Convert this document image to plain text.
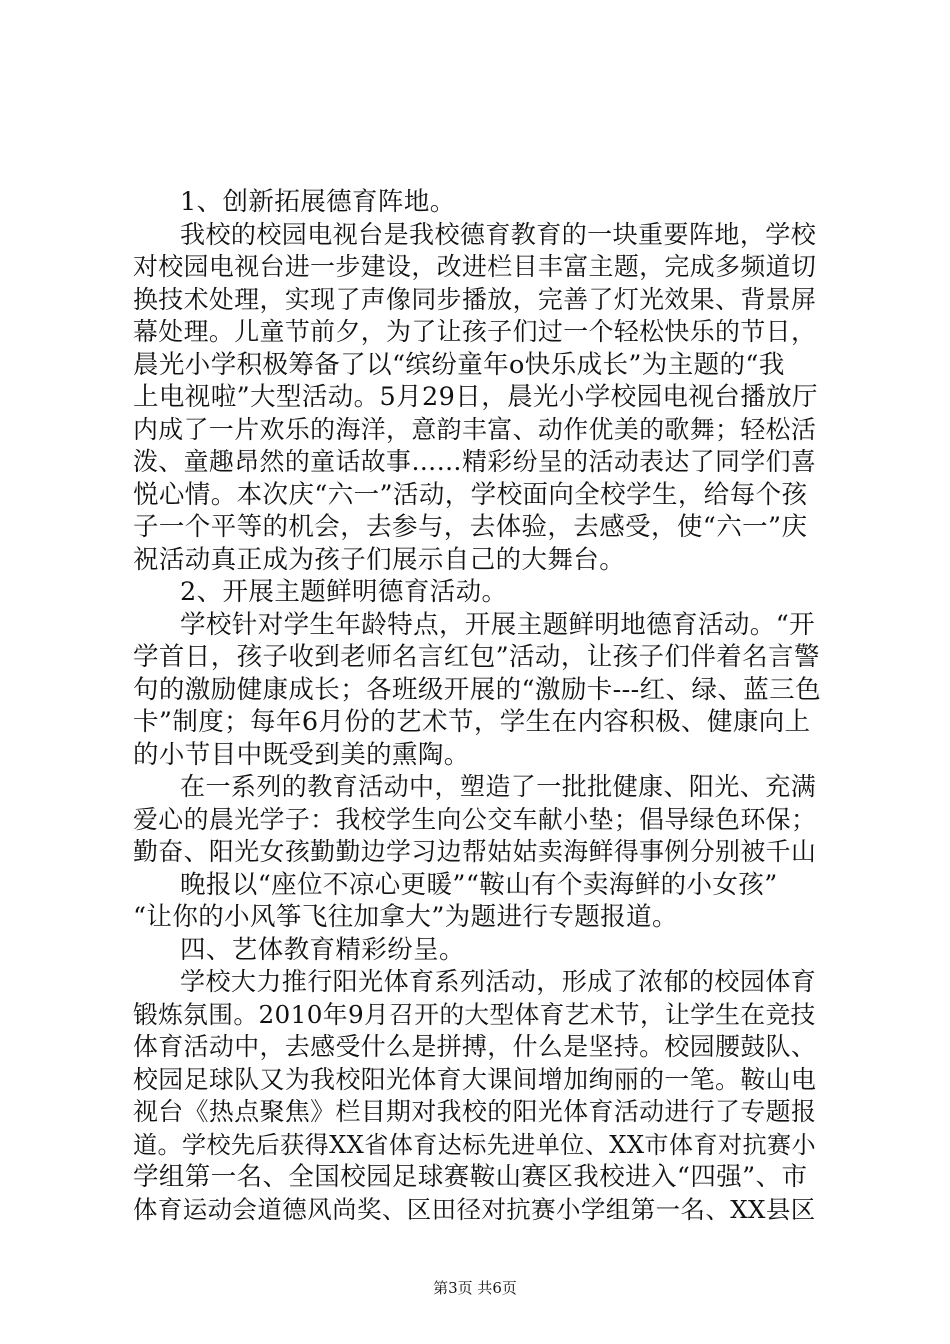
1、创新拓展德育阵地。
我校的校园电视台是我校德育教育的一块重要阵地，学校
对校园电视台进一步建设，改进栏目丰富主题，完成多频道切
换技术处理，实现了声像同步播放，完善了灯光效果、背景屏
幕处理。儿童节前夕，为了让孩子们过一个轻松快乐的节日，
晨光小学积极筹备了以“缤纷童年o快乐成长”为主题的“我
上电视啦”大型活动。5月29日，晨光小学校园电视台播放厅
内成了一片欢乐的海洋，意韵丰富、动作优美的歌舞；轻松活
泼、童趣昂然的童话故事……精彩纷呈的活动表达了同学们喜
悦心情。本次庆“六一”活动，学校面向全校学生，给每个孩
子一个平等的机会，去参与，去体验，去感受，使“六一”庆
祝活动真正成为孩子们展示自己的大舞台。
2、开展主题鲜明德育活动。
学校针对学生年龄特点，开展主题鲜明地德育活动。“开
学首日，孩子收到老师名言红包”活动，让孩子们伴着名言警
句的激励健康成长；各班级开展的“激励卡---红、绿、蓝三色
卡”制度；每年6月份的艺术节，学生在内容积极、健康向上
的小节目中既受到美的熏陶。
在一系列的教育活动中，塑造了一批批健康、阳光、充满
爱心的晨光学子：我校学生向公交车献小垫；倡导绿色环保；
勤奋、阳光女孩勤勤边学习边帮姑姑卖海鲜得事例分别被千山
晚报以“座位不凉心更暖”“鞍山有个卖海鲜的小女孩”
“让你的小风筝飞往加拿大”为题进行专题报道。
四、艺体教育精彩纷呈。
学校大力推行阳光体育系列活动，形成了浓郁的校园体育
锻炼氛围。2010年9月召开的大型体育艺术节，让学生在竞技
体育活动中，去感受什么是拼搏，什么是坚持。校园腰鼓队、
校园足球队又为我校阳光体育大课间增加绚丽的一笔。鞍山电
视台《热点聚焦》栏目期对我校的阳光体育活动进行了专题报
道。学校先后获得XX省体育达标先进单位、XX市体育对抗赛小
学组第一名、全国校园足球赛鞍山赛区我校进入“四强”、市
体育运动会道德风尚奖、区田径对抗赛小学组第一名、XX县区
第3页 共6页
